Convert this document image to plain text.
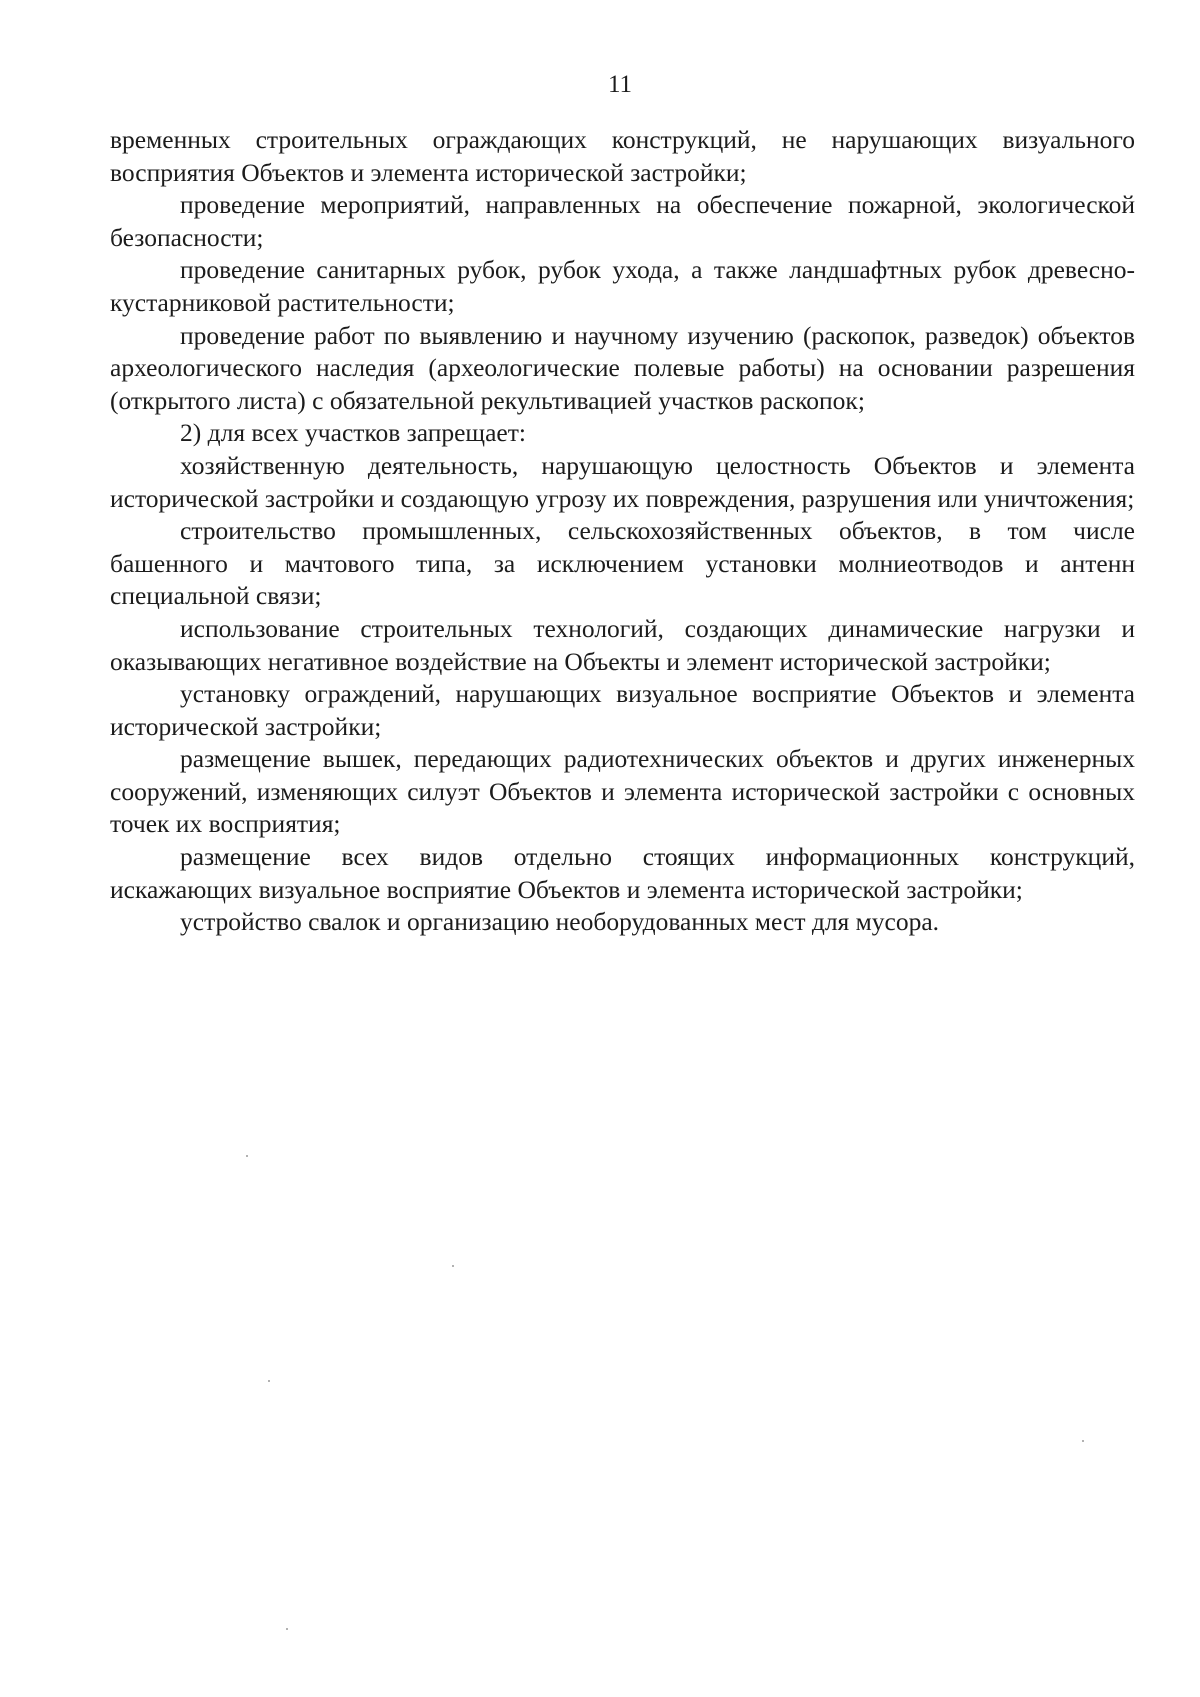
11

временных строительных ограждающих конструкций, не нарушающих визуального восприятия Объектов и элемента исторической застройки;

проведение мероприятий, направленных на обеспечение пожарной, экологической безопасности;

проведение санитарных рубок, рубок ухода, а также ландшафтных рубок древесно-кустарниковой растительности;

проведение работ по выявлению и научному изучению (раскопок, разведок) объектов археологического наследия (археологические полевые работы) на основании разрешения (открытого листа) с обязательной рекультивацией участков раскопок;

2) для всех участков запрещает:

хозяйственную деятельность, нарушающую целостность Объектов и элемента исторической застройки и создающую угрозу их повреждения, разрушения или уничтожения;

строительство промышленных, сельскохозяйственных объектов, в том числе башенного и мачтового типа, за исключением установки молниеотводов и антенн специальной связи;

использование строительных технологий, создающих динамические нагрузки и оказывающих негативное воздействие на Объекты и элемент исторической застройки;

установку ограждений, нарушающих визуальное восприятие Объектов и элемента исторической застройки;

размещение вышек, передающих радиотехнических объектов и других инженерных сооружений, изменяющих силуэт Объектов и элемента исторической застройки с основных точек их восприятия;

размещение всех видов отдельно стоящих информационных конструкций, искажающих визуальное восприятие Объектов и элемента исторической застройки;

устройство свалок и организацию необорудованных мест для мусора.
